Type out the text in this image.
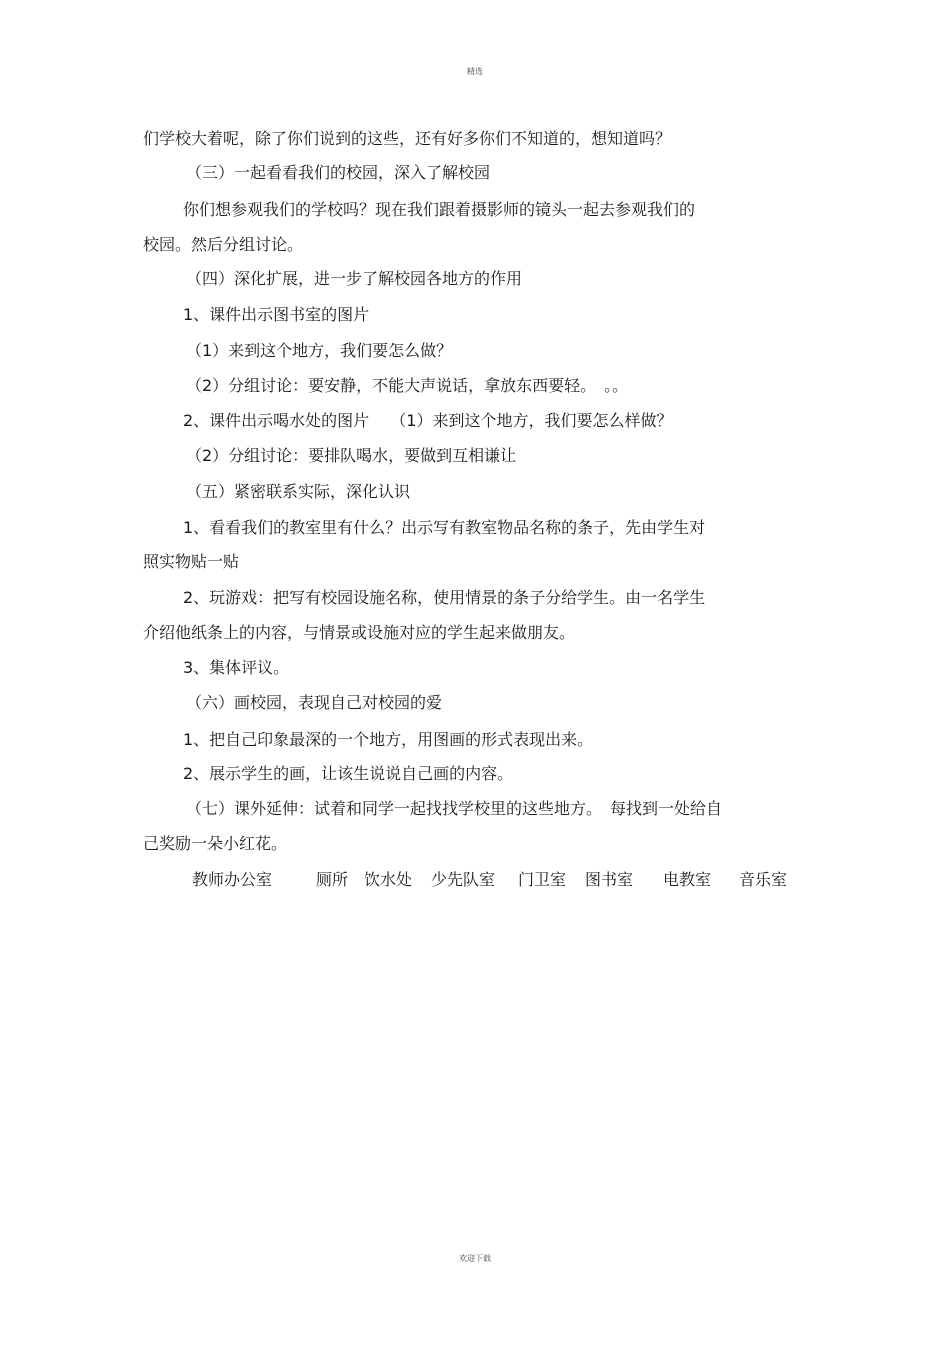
精选
们学校大着呢，除了你们说到的这些，还有好多你们不知道的，想知道吗？
（三）一起看看我们的校园，深入了解校园
你们想参观我们的学校吗？现在我们跟着摄影师的镜头一起去参观我们的
校园。然后分组讨论。
（四）深化扩展，进一步了解校园各地方的作用
1、课件出示图书室的图片
（1）来到这个地方，我们要怎么做？
（2）分组讨论：要安静，不能大声说话，拿放东西要轻。　。。
2、课件出示喝水处的图片　 （1）来到这个地方，我们要怎么样做？
（2）分组讨论：要排队喝水，要做到互相谦让
（五）紧密联系实际，深化认识
1、看看我们的教室里有什么？出示写有教室物品名称的条子，先由学生对
照实物贴一贴
2、玩游戏：把写有校园设施名称，使用情景的条子分给学生。由一名学生
介绍他纸条上的内容，与情景或设施对应的学生起来做朋友。
3、集体评议。
（六）画校园，表现自己对校园的爱
1、把自己印象最深的一个地方，用图画的形式表现出来。
2、展示学生的画，让该生说说自己画的内容。
（七）课外延伸：试着和同学一起找找学校里的这些地方。　每找到一处给自
己奖励一朵小红花。
教师办公室	厕所 饮水处 少先队室 门卫室 图书室 电教室 音乐室
欢迎下载
